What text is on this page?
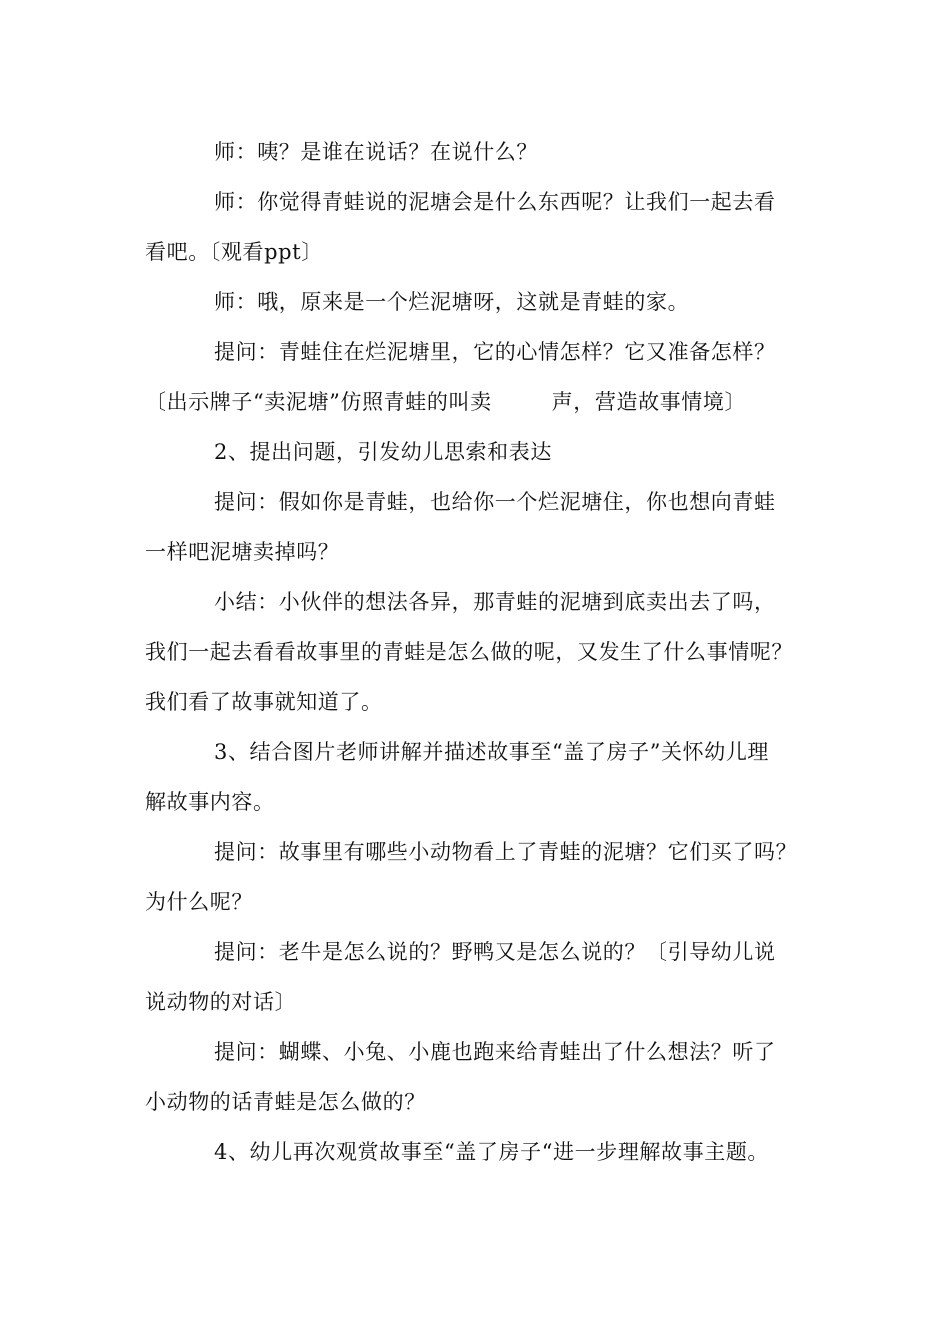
师：咦？是谁在说话？在说什么？
师：你觉得青蛙说的泥塘会是什么东西呢？让我们一起去看
看吧。〔观看ppt〕
师：哦，原来是一个烂泥塘呀，这就是青蛙的家。
提问：青蛙住在烂泥塘里，它的心情怎样？它又准备怎样？
〔出示牌子“卖泥塘”仿照青蛙的叫卖	声，营造故事情境〕
2、提出问题，引发幼儿思索和表达
提问：假如你是青蛙，也给你一个烂泥塘住，你也想向青蛙
一样吧泥塘卖掉吗？
小结：小伙伴的想法各异，那青蛙的泥塘到底卖出去了吗，
我们一起去看看故事里的青蛙是怎么做的呢，又发生了什么事情呢？
我们看了故事就知道了。
3、结合图片老师讲解并描述故事至“盖了房子”关怀幼儿理
解故事内容。
提问：故事里有哪些小动物看上了青蛙的泥塘？它们买了吗？
为什么呢？
提问：老牛是怎么说的？野鸭又是怎么说的？〔引导幼儿说
说动物的对话〕
提问：蝴蝶、小兔、小鹿也跑来给青蛙出了什么想法？听了
小动物的话青蛙是怎么做的？
4、幼儿再次观赏故事至“盖了房子“进一步理解故事主题。
